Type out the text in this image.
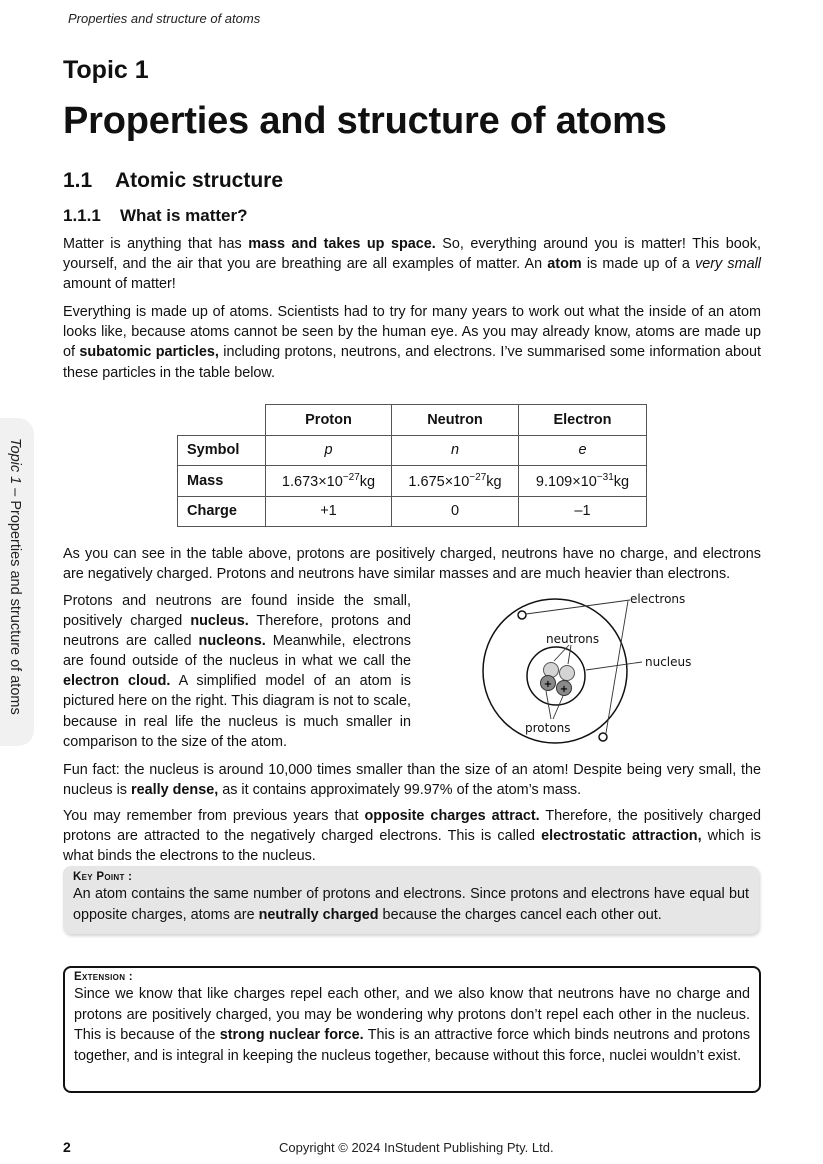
Properties and structure of atoms
Topic 1 – Properties and structure of atoms
Topic 1
Properties and structure of atoms
1.1 Atomic structure
1.1.1 What is matter?

Matter is anything that has mass and takes up space. So, everything around you is matter! This book, yourself, and the air that you are breathing are all examples of matter. An atom is made up of a very small amount of matter!

Everything is made up of atoms. Scientists had to try for many years to work out what the inside of an atom looks like, because atoms cannot be seen by the human eye. As you may already know, atoms are made up of subatomic particles, including protons, neutrons, and electrons. I’ve summarised some information about these particles in the table below.

	Proton	Neutron	Electron
Symbol	p	n	e
Mass	$1.673\times 10^{-27}kg$	$1.675\times 10^{-27}kg$	$9.109\times 10^{-31}kg$
Charge	+1	0	–1

As you can see in the table above, protons are positively charged, neutrons have no charge, and electrons are negatively charged. Protons and neutrons have similar masses and are much heavier than electrons.

Protons and neutrons are found inside the small, positively charged nucleus. Therefore, protons and neutrons are called nucleons. Meanwhile, electrons are found outside of the nucleus in what we call the electron cloud. A simplified model of an atom is pictured here on the right. This diagram is not to scale, because in real life the nucleus is much smaller in comparison to the size of the atom.

+ +
electrons
neutrons
nucleus
protons

Fun fact: the nucleus is around 10,000 times smaller than the size of an atom! Despite being very small, the nucleus is really dense, as it contains approximately 99.97% of the atom’s mass.

You may remember from previous years that opposite charges attract. Therefore, the positively charged protons are attracted to the negatively charged electrons. This is called electrostatic attraction, which is what binds the electrons to the nucleus.

Key Point :
An atom contains the same number of protons and electrons. Since protons and electrons have equal but opposite charges, atoms are neutrally charged because the charges cancel each other out.
Extension :
Since we know that like charges repel each other, and we also know that neutrons have no charge and protons are positively charged, you may be wondering why protons don’t repel each other in the nucleus. This is because of the strong nuclear force. This is an attractive force which binds neutrons and protons together, and is integral in keeping the nucleus together, because without this force, nuclei wouldn’t exist.
2	Copyright © 2024 InStudent Publishing Pty. Ltd.
